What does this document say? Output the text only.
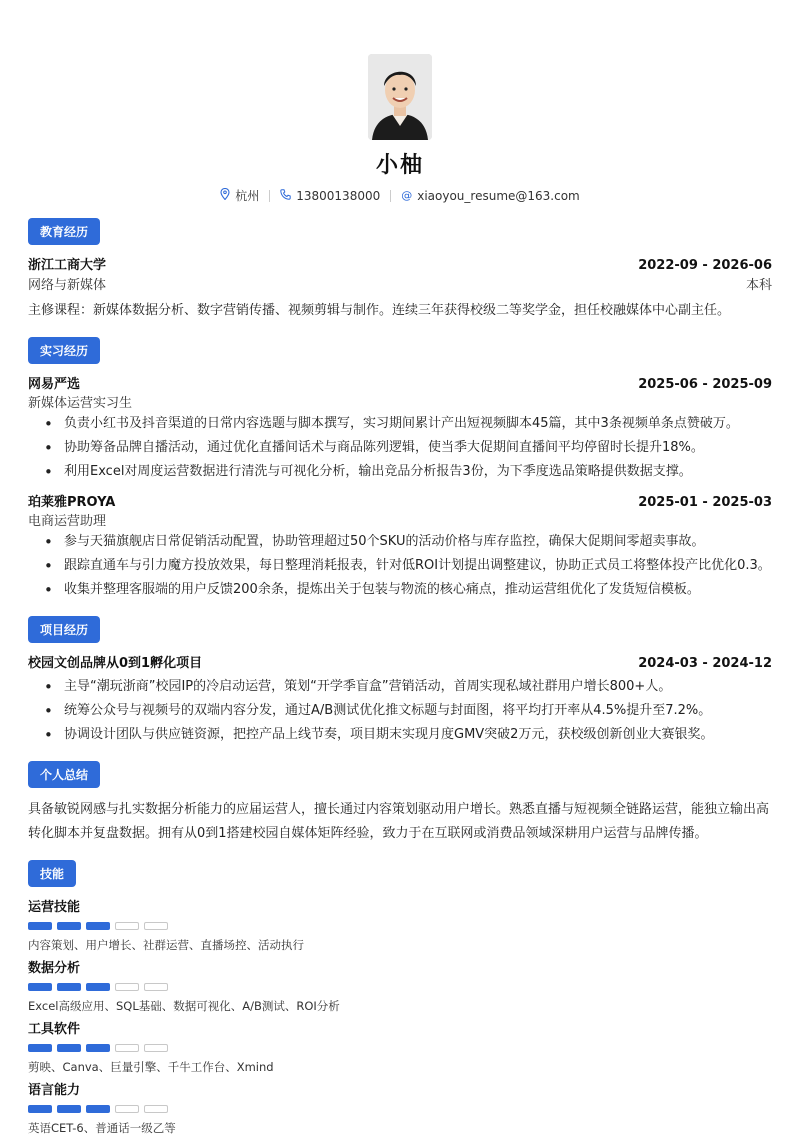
小柚
杭州	13800138000 @ xiaoyou_resume@163.com
教育经历
浙江工商大学	2022-09 - 2026-06
网络与新媒体	本科
主修课程：新媒体数据分析、数字营销传播、视频剪辑与制作。连续三年获得校级二等奖学金，担任校融媒体中心副主任。
实习经历
网易严选	2025-06 - 2025-09
新媒体运营实习生
• 负责小红书及抖音渠道的日常内容选题与脚本撰写，实习期间累计产出短视频脚本45篇，其中3条视频单条点赞破万。
• 协助筹备品牌自播活动，通过优化直播间话术与商品陈列逻辑，使当季大促期间直播间平均停留时长提升18%。
• 利用Excel对周度运营数据进行清洗与可视化分析，输出竞品分析报告3份，为下季度选品策略提供数据支撑。
珀莱雅PROYA	2025-01 - 2025-03
电商运营助理
• 参与天猫旗舰店日常促销活动配置，协助管理超过50个SKU的活动价格与库存监控，确保大促期间零超卖事故。
• 跟踪直通车与引力魔方投放效果，每日整理消耗报表，针对低ROI计划提出调整建议，协助正式员工将整体投产比优化0.3。
• 收集并整理客服端的用户反馈200余条，提炼出关于包装与物流的核心痛点，推动运营组优化了发货短信模板。
项目经历
校园文创品牌从0到1孵化项目	2024-03 - 2024-12
• 主导“潮玩浙商”校园IP的冷启动运营，策划“开学季盲盒”营销活动，首周实现私域社群用户增长800+人。
• 统筹公众号与视频号的双端内容分发，通过A/B测试优化推文标题与封面图，将平均打开率从4.5%提升至7.2%。
• 协调设计团队与供应链资源，把控产品上线节奏，项目期末实现月度GMV突破2万元，获校级创新创业大赛银奖。
个人总结
具备敏锐网感与扎实数据分析能力的应届运营人，擅长通过内容策划驱动用户增长。熟悉直播与短视频全链路运营，能独立输出高转化脚本并复盘数据。拥有从0到1搭建校园自媒体矩阵经验，致力于在互联网或消费品领域深耕用户运营与品牌传播。
技能
运营技能
内容策划、用户增长、社群运营、直播场控、活动执行
数据分析
Excel高级应用、SQL基础、数据可视化、A/B测试、ROI分析
工具软件
剪映、Canva、巨量引擎、千牛工作台、Xmind
语言能力
英语CET-6、普通话一级乙等
